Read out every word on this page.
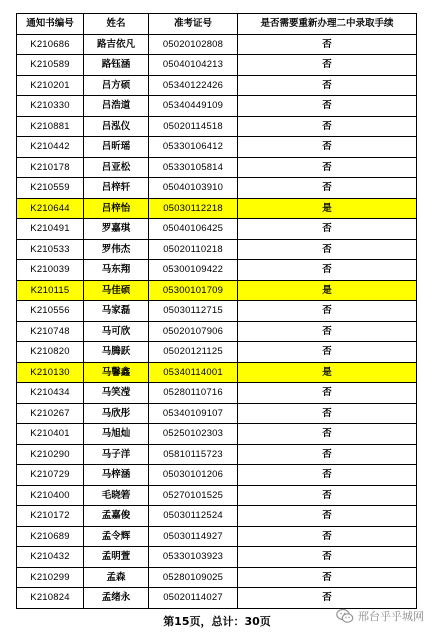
通知书编号	姓名	准考证号	是否需要重新办理二中录取手续
K210686	路吉依凡	05020102808	否
K210589	路钰涵	05040104213	否
K210201	吕方硕	05340122426	否
K210330	吕浩道	05340449109	否
K210881	吕泓仪	05020114518	否
K210442	吕昕瑶	05330106412	否
K210178	吕亚松	05330105814	否
K210559	吕梓轩	05040103910	否
K210644	吕梓怡	05030112218	是
K210491	罗嘉琪	05040106425	否
K210533	罗伟杰	05020110218	否
K210039	马东翔	05300109422	否
K210115	马佳硕	05300101709	是
K210556	马家磊	05030112715	否
K210748	马可欣	05020107906	否
K210820	马腾跃	05020121125	否
K210130	马馨鑫	05340114001	是
K210434	马笑滢	05280110716	否
K210267	马欣彤	05340109107	否
K210401	马旭灿	05250102303	否
K210290	马子洋	05810115723	否
K210729	马梓涵	05030101206	否
K210400	毛晓箬	05270101525	否
K210172	孟嘉俊	05030112524	否
K210689	孟令辉	05030114927	否
K210432	孟明萱	05330103923	否
K210299	孟森	05280109025	否
K210824	孟绪永	05020114027	否
第15页，总计：30页	邢台乎乎城网
